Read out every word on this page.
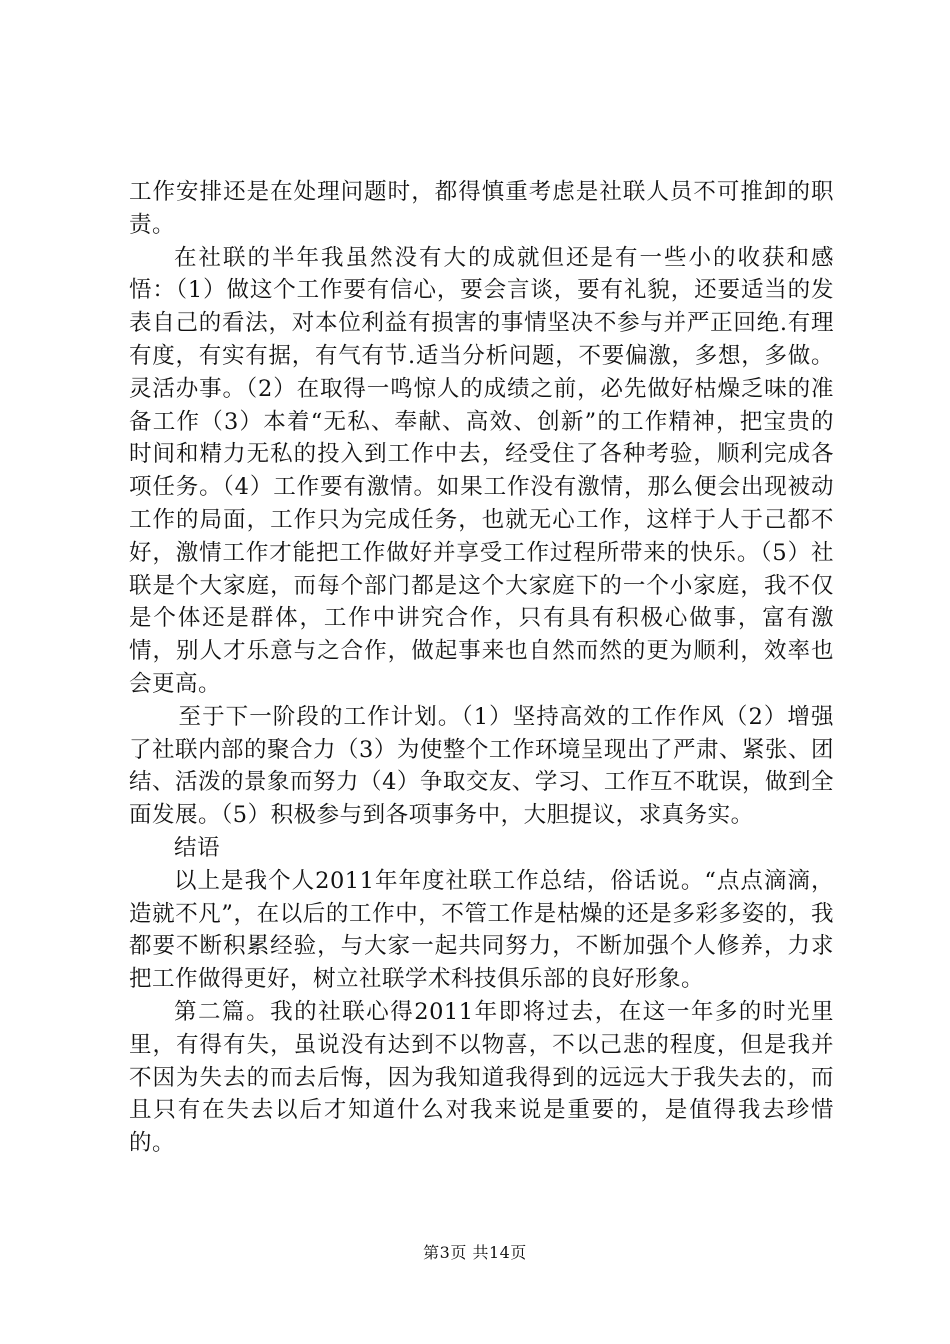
工作安排还是在处理问题时，都得慎重考虑是社联人员不可推卸的职责。

在社联的半年我虽然没有大的成就但还是有一些小的收获和感悟：（1）做这个工作要有信心，要会言谈，要有礼貌，还要适当的发表自己的看法，对本位利益有损害的事情坚决不参与并严正回绝.有理有度，有实有据，有气有节.适当分析问题，不要偏激，多想，多做。灵活办事。（2）在取得一鸣惊人的成绩之前，必先做好枯燥乏味的准备工作（3）本着“无私、奉献、高效、创新”的工作精神，把宝贵的时间和精力无私的投入到工作中去，经受住了各种考验，顺利完成各项任务。（4）工作要有激情。如果工作没有激情，那么便会出现被动工作的局面，工作只为完成任务，也就无心工作，这样于人于己都不好，激情工作才能把工作做好并享受工作过程所带来的快乐。（5）社联是个大家庭，而每个部门都是这个大家庭下的一个小家庭，我不仅是个体还是群体，工作中讲究合作，只有具有积极心做事，富有激情，别人才乐意与之合作，做起事来也自然而然的更为顺利，效率也会更高。

至于下一阶段的工作计划。（1）坚持高效的工作作风（2）增强了社联内部的聚合力（3）为使整个工作环境呈现出了严肃、紧张、团结、活泼的景象而努力（4）争取交友、学习、工作互不耽误，做到全面发展。（5）积极参与到各项事务中，大胆提议，求真务实。

结语

以上是我个人2011年年度社联工作总结，俗话说。“点点滴滴，造就不凡”，在以后的工作中，不管工作是枯燥的还是多彩多姿的，我都要不断积累经验，与大家一起共同努力，不断加强个人修养，力求把工作做得更好，树立社联学术科技俱乐部的良好形象。

第二篇。我的社联心得2011年即将过去，在这一年多的时光里里，有得有失，虽说没有达到不以物喜，不以己悲的程度，但是我并不因为失去的而去后悔，因为我知道我得到的远远大于我失去的，而且只有在失去以后才知道什么对我来说是重要的，是值得我去珍惜的。

第3页 共14页
